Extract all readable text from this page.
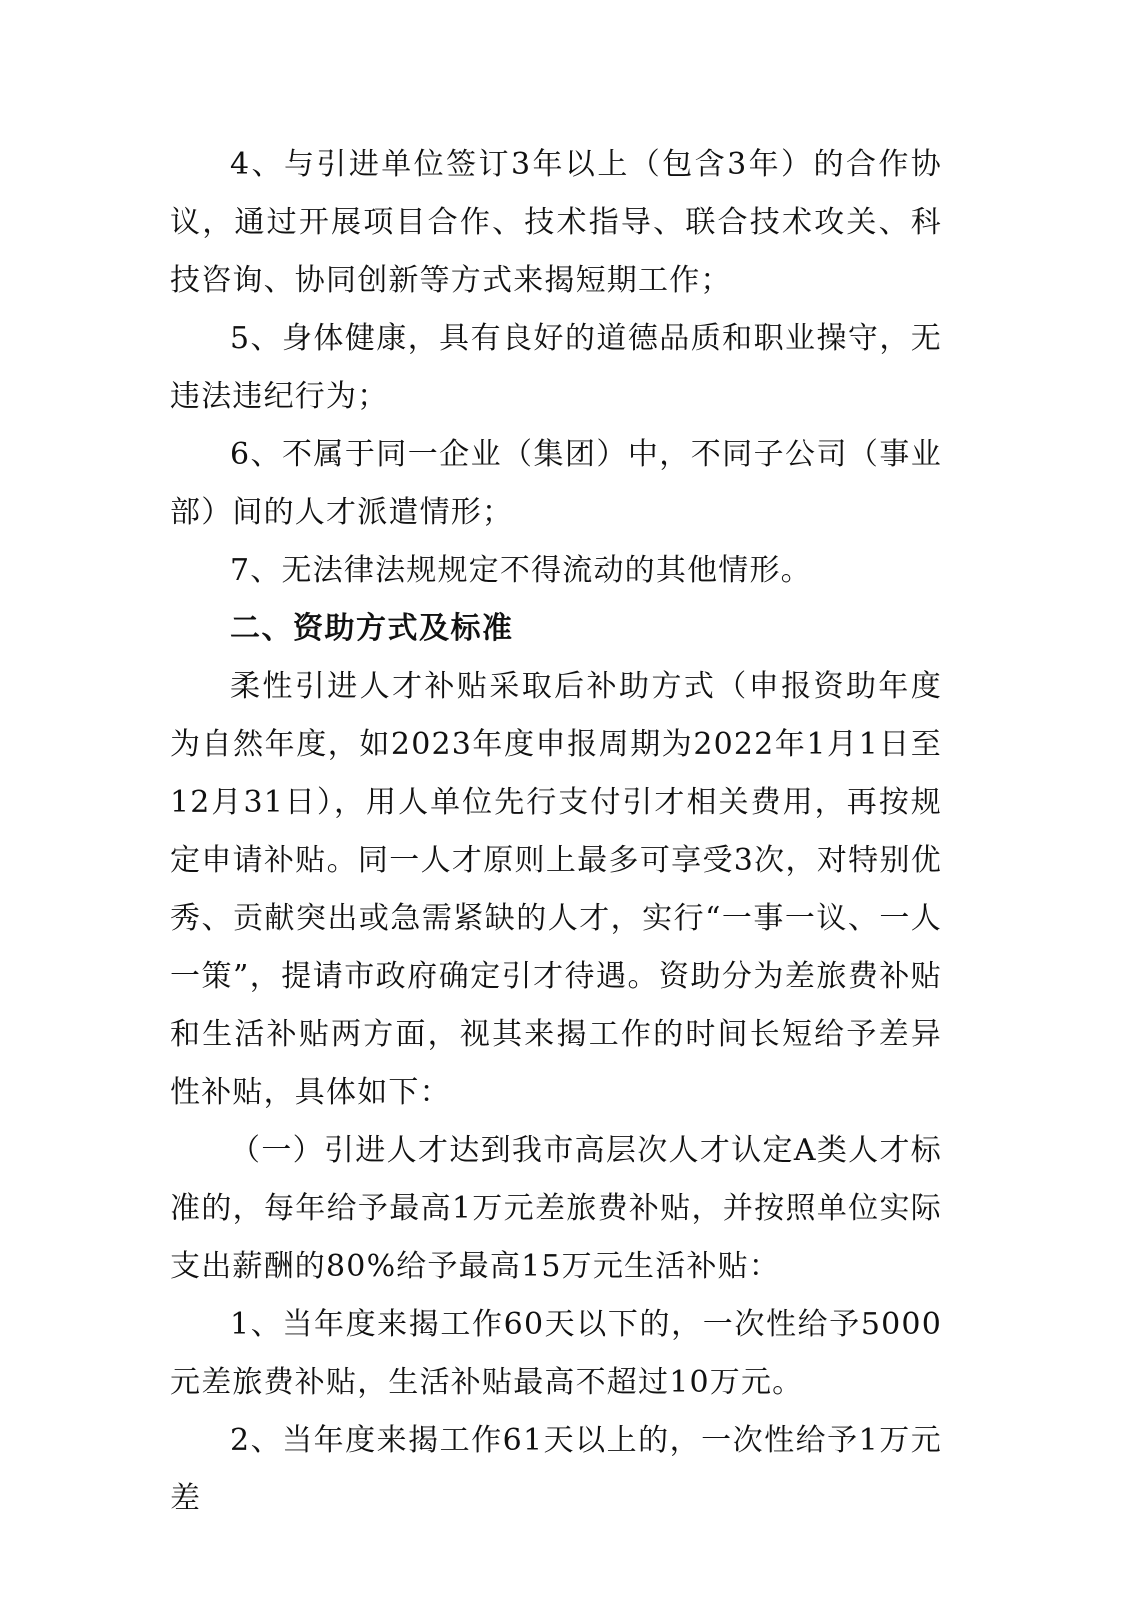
4、与引进单位签订3年以上（包含3年）的合作协议，通过开展项目合作、技术指导、联合技术攻关、科技咨询、协同创新等方式来揭短期工作；

5、身体健康，具有良好的道德品质和职业操守，无违法违纪行为；

6、不属于同一企业（集团）中，不同子公司（事业部）间的人才派遣情形；

7、无法律法规规定不得流动的其他情形。

二、资助方式及标准

柔性引进人才补贴采取后补助方式（申报资助年度为自然年度，如2023年度申报周期为2022年1月1日至12月31日），用人单位先行支付引才相关费用，再按规定申请补贴。同一人才原则上最多可享受3次，对特别优秀、贡献突出或急需紧缺的人才，实行“一事一议、一人一策”，提请市政府确定引才待遇。资助分为差旅费补贴和生活补贴两方面，视其来揭工作的时间长短给予差异性补贴，具体如下：

（一）引进人才达到我市高层次人才认定A类人才标准的，每年给予最高1万元差旅费补贴，并按照单位实际支出薪酬的80%给予最高15万元生活补贴：

1、当年度来揭工作60天以下的，一次性给予5000元差旅费补贴，生活补贴最高不超过10万元。

2、当年度来揭工作61天以上的，一次性给予1万元差
